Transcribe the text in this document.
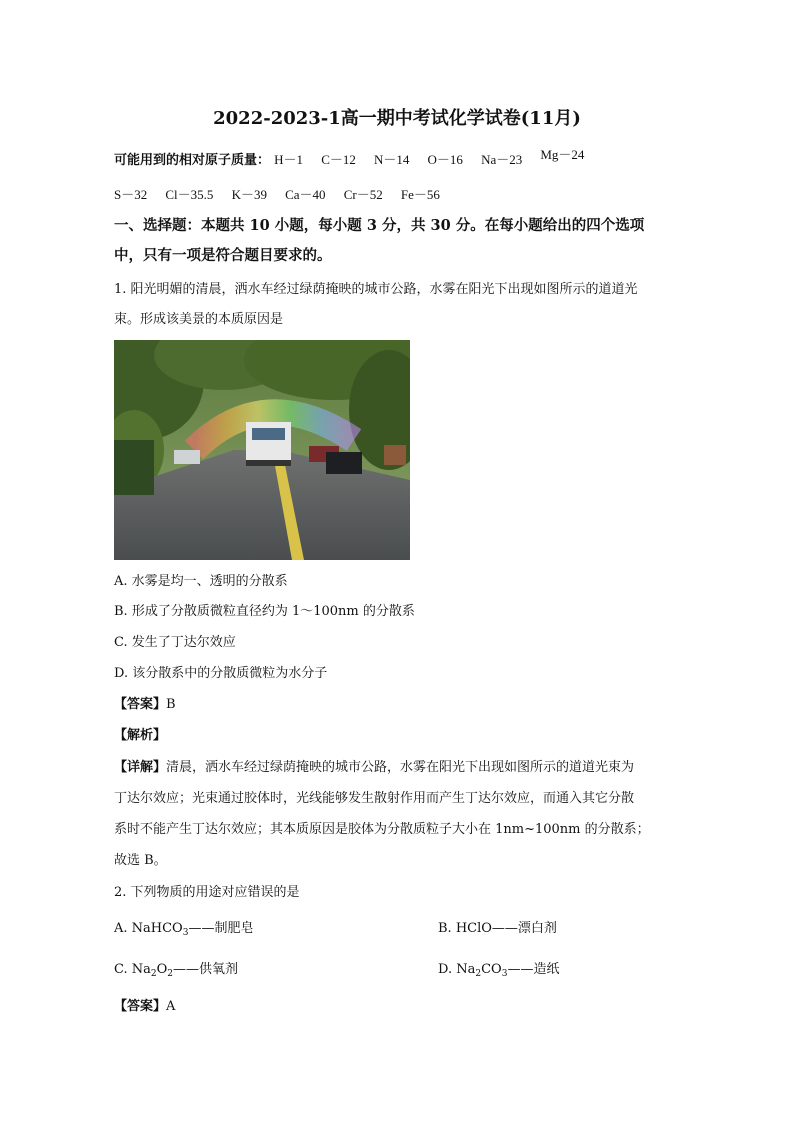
2022-2023-1高一期中考试化学试卷(11月)
可能用到的相对原子质量： H－1 C－12 N－14 O－16 Na－23 Mg－24
S－32 Cl－35.5 K－39 Ca－40 Cr－52 Fe－56
一、选择题：本题共 10 小题，每小题 3 分，共 30 分。在每小题给出的四个选项
中，只有一项是符合题目要求的。
1. 阳光明媚的清晨，洒水车经过绿荫掩映的城市公路，水雾在阳光下出现如图所示的道道光
束。形成该美景的本质原因是
A. 水雾是均一、透明的分散系
B. 形成了分散质微粒直径约为 1～100nm 的分散系
C. 发生了丁达尔效应
D. 该分散系中的分散质微粒为水分子
【答案】B
【解析】
【详解】清晨，洒水车经过绿荫掩映的城市公路，水雾在阳光下出现如图所示的道道光束为
丁达尔效应；光束通过胶体时，光线能够发生散射作用而产生丁达尔效应，而通入其它分散
系时不能产生丁达尔效应；其本质原因是胶体为分散质粒子大小在 1nm~100nm 的分散系；
故选 B。
2. 下列物质的用途对应错误的是
A. NaHCO$_3$——制肥皂	B. HClO——漂白剂
C. $Na_2O_2——$供氧剂	D. $Na_2CO_3——$造纸
【答案】A
